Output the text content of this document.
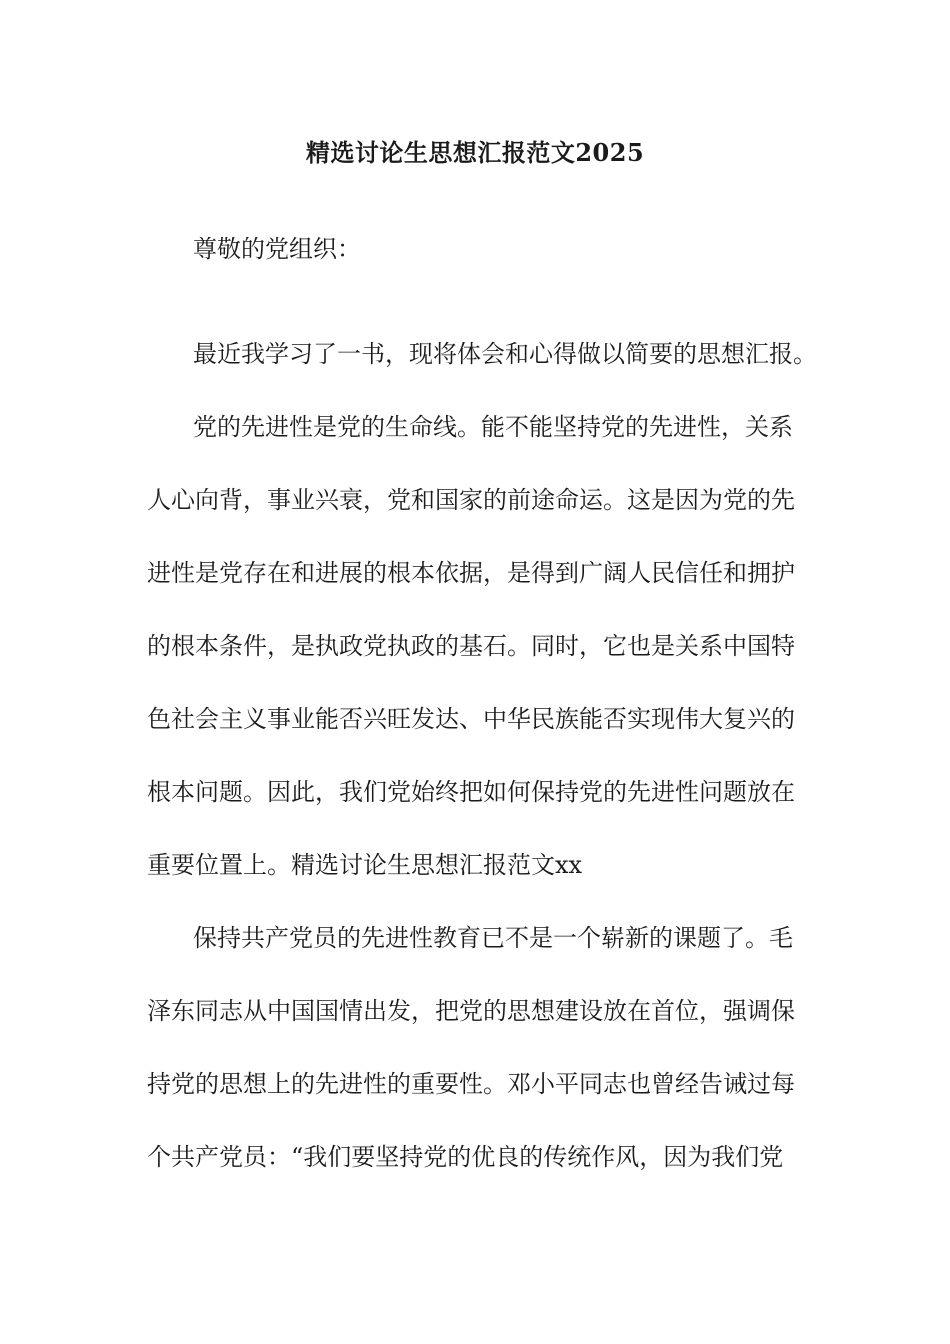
精选讨论生思想汇报范文2025
尊敬的党组织：
最近我学习了一书，现将体会和心得做以简要的思想汇报。
党的先进性是党的生命线。能不能坚持党的先进性，关系
人心向背，事业兴衰，党和国家的前途命运。这是因为党的先
进性是党存在和进展的根本依据，是得到广阔人民信任和拥护
的根本条件，是执政党执政的基石。同时，它也是关系中国特
色社会主义事业能否兴旺发达、中华民族能否实现伟大复兴的
根本问题。因此，我们党始终把如何保持党的先进性问题放在
重要位置上。精选讨论生思想汇报范文xx
保持共产党员的先进性教育已不是一个崭新的课题了。毛
泽东同志从中国国情出发，把党的思想建设放在首位，强调保
持党的思想上的先进性的重要性。邓小平同志也曾经告诫过每
个共产党员：“我们要坚持党的优良的传统作风，因为我们党
